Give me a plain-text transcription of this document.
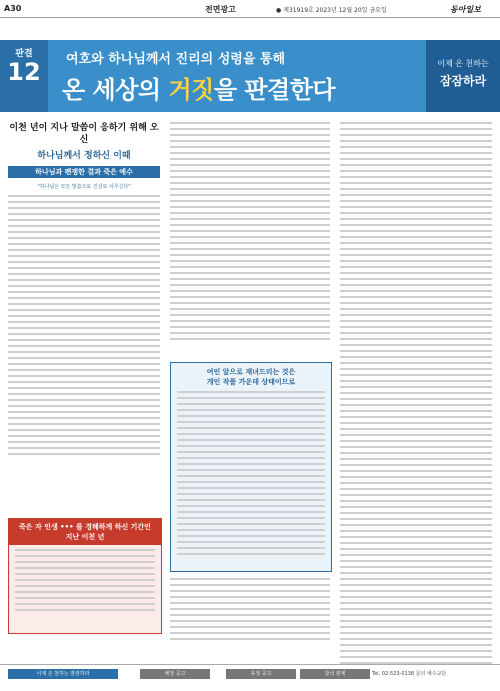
A30	전면광고	● 제31919호 2023년 12월 20일 금요일	동아일보
판결
12	여호와 하나님께서 진리의 성령을 통해
온 세상의 거짓을 판결한다
이제 온 천하는
잠잠하라

이천 년이 지나 말씀이 응하기 위해 오신

하나님께서 정하신 이때

하나님과 팬쟁한 결과 죽은 예수

"하나님은 모든 말씀으로 진실로 이루신다"

죽은 자 인생 ••• 를 경해하게 하신 기간인
지난 이천 년
여인 앞으로 재녀드리는 것은
개인 작품 가운데 상태이므로
이제 온 천하는 잠잠하라	예정 공고	유정 공고	참석 관계	Tel. 02-523-0138 문의 예수교단
